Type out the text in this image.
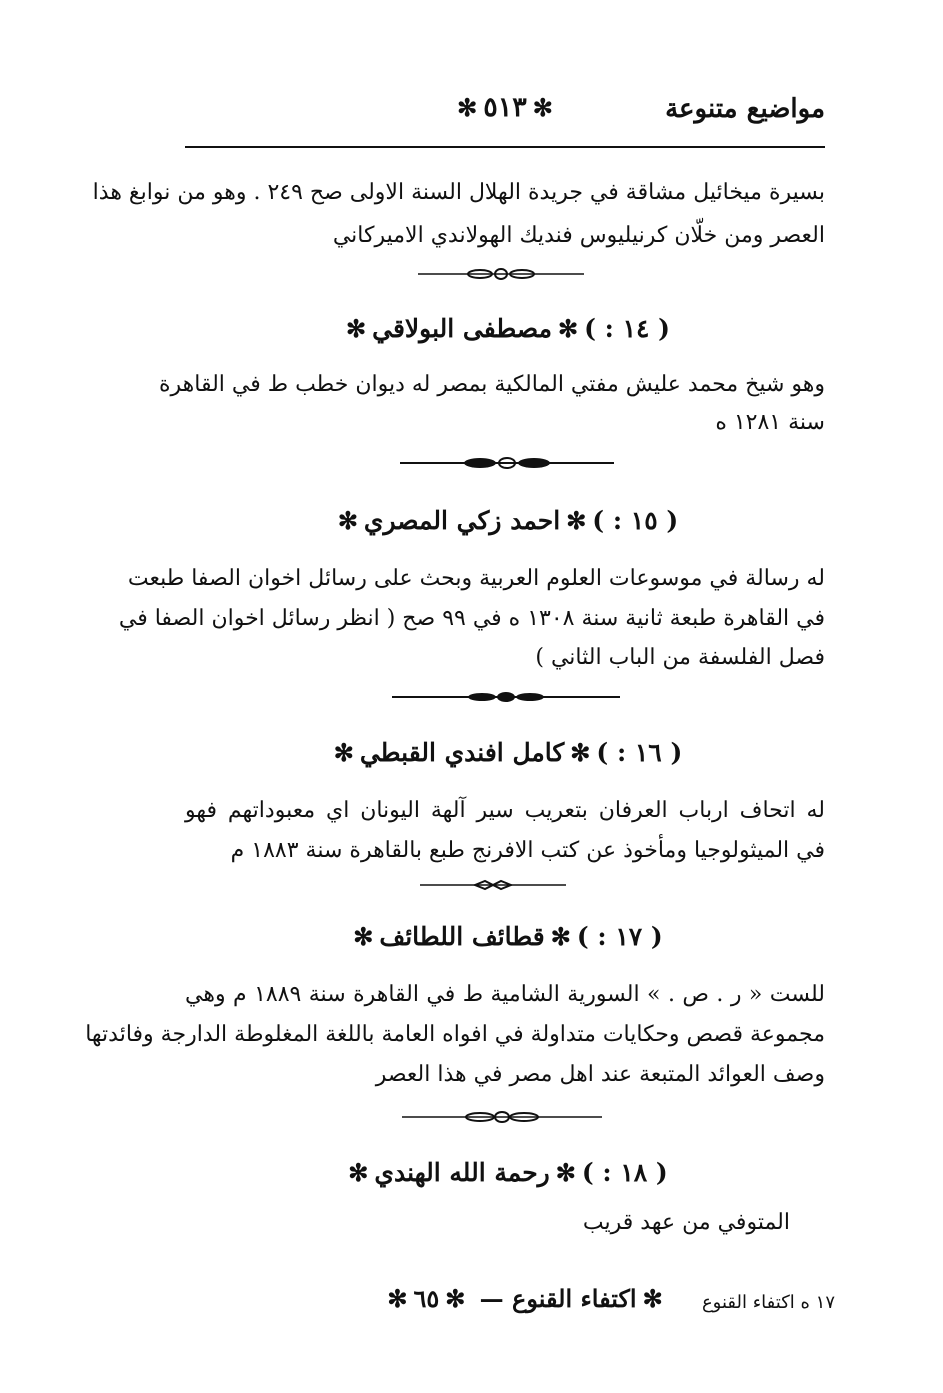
مواضيع متنوعة
✻٥١٣✻
بسيرة ميخائيل مشاقة في جريدة الهلال السنة الاولى صح ٢٤٩ . وهو من نوابغ هذا
العصر ومن خلّان كرنيليوس فنديك الهولاندي الاميركاني
( ١٤ : )✻مصطفى البولاقي✻
وهو شيخ محمد عليش مفتي المالكية بمصر له ديوان خطب ط في القاهرة
سنة ١٢٨١ ه
( ١٥ : )✻احمد زكي المصري✻
له رسالة في موسوعات العلوم العربية وبحث على رسائل اخوان الصفا طبعت
في القاهرة طبعة ثانية سنة ١٣٠٨ ه في ٩٩ صح ( انظر رسائل اخوان الصفا في
فصل الفلسفة من الباب الثاني )
( ١٦ : )✻كامل افندي القبطي✻
له اتحاف ارباب العرفان بتعريب سير آلهة اليونان اي معبوداتهم فهو
في الميثولوجيا ومأخوذ عن كتب الافرنج طبع بالقاهرة سنة ١٨٨٣ م
( ١٧ : )✻قطائف اللطائف✻
للست « ر . ص . » السورية الشامية ط في القاهرة سنة ١٨٨٩ م وهي
مجموعة قصص وحكايات متداولة في افواه العامة باللغة المغلوطة الدارجة وفائدتها
وصف العوائد المتبعة عند اهل مصر في هذا العصر
( ١٨ : )✻رحمة الله الهندي✻
المتوفي من عهد قريب
١٧ ه اكتفاء القنوع
✻اكتفاء القنوع — ✻٦٥✻
